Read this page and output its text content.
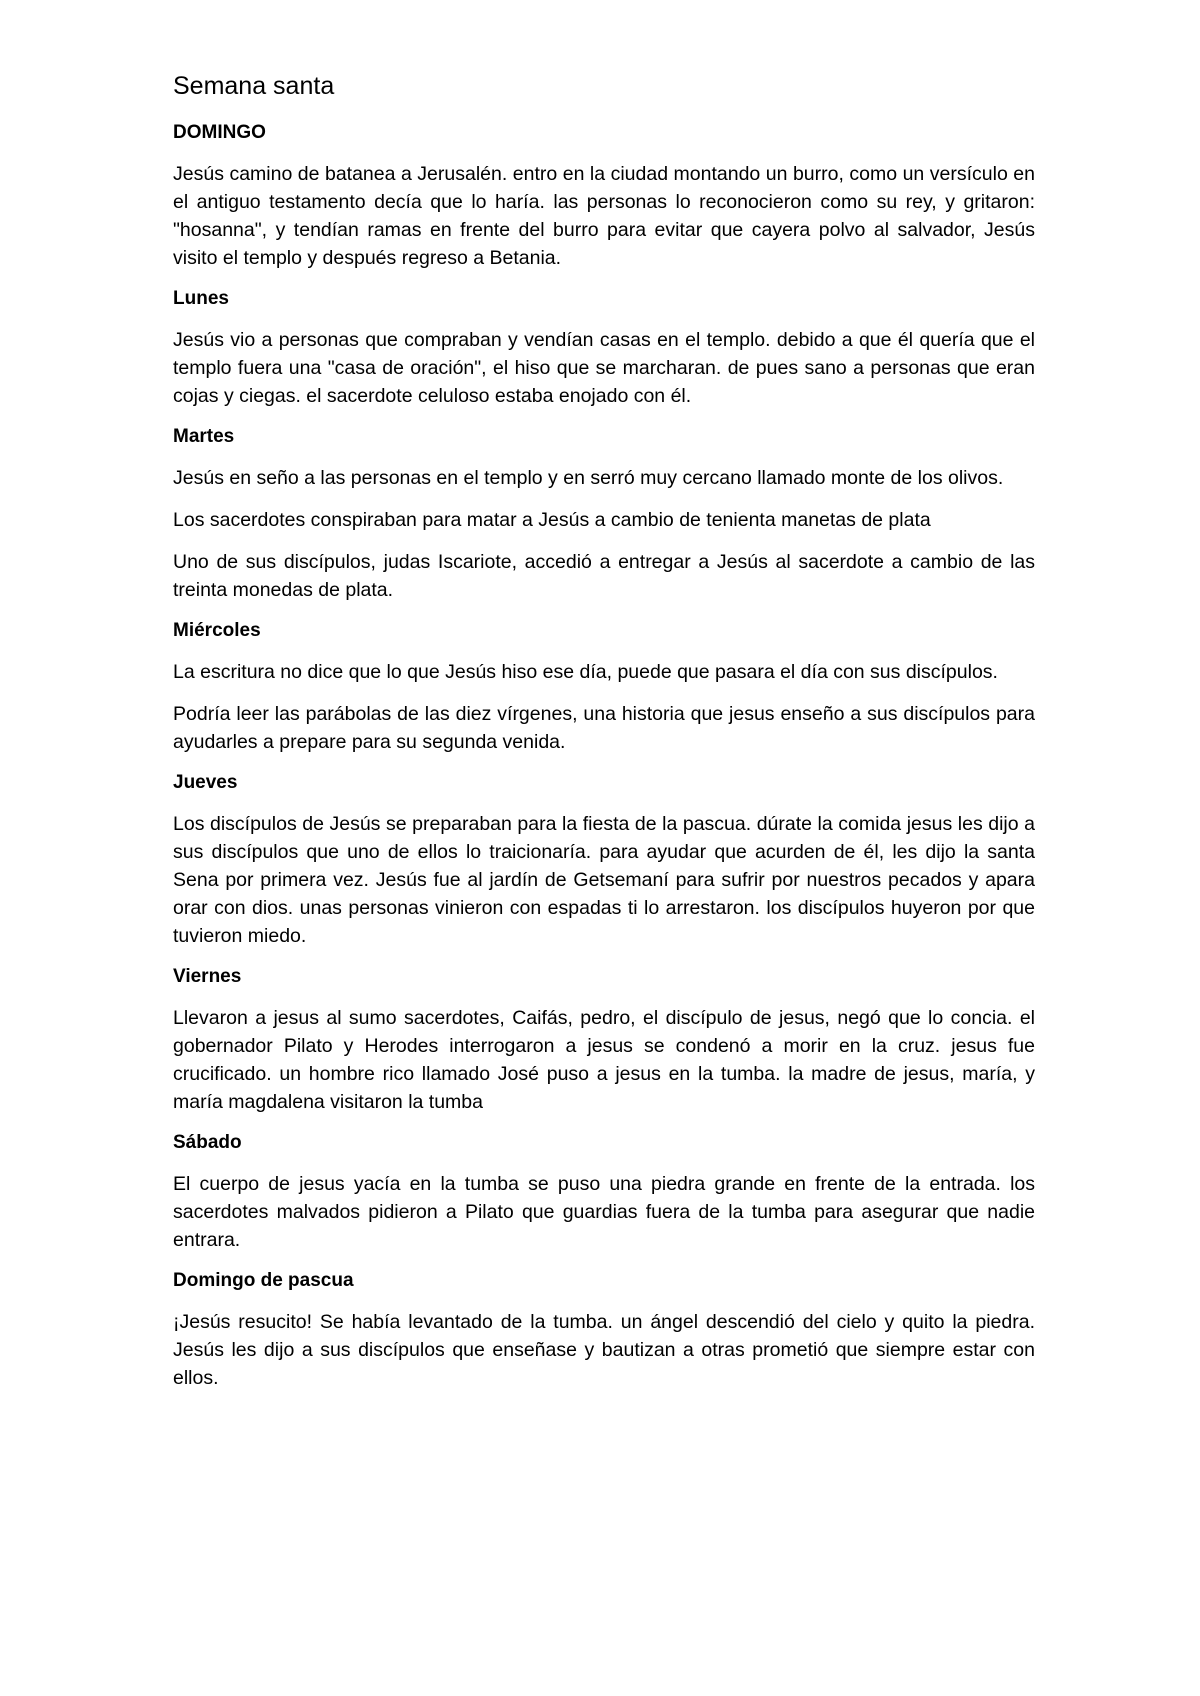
Semana santa
DOMINGO

Jesús camino de batanea a Jerusalén. entro en la ciudad montando un burro, como un versículo en el antiguo testamento decía que lo haría. las personas lo reconocieron como su rey, y gritaron: "hosanna", y tendían ramas en frente del burro para evitar que cayera polvo al salvador, Jesús visito el templo y después regreso a Betania.

Lunes

Jesús vio a personas que compraban y vendían casas en el templo. debido a que él quería que el templo fuera una "casa de oración", el hiso que se marcharan. de pues sano a personas que eran cojas y ciegas. el sacerdote celuloso estaba enojado con él.

Martes

Jesús en seño a las personas en el templo y en serró muy cercano llamado monte de los olivos.

Los sacerdotes conspiraban para matar a Jesús a cambio de tenienta manetas de plata

Uno de sus discípulos, judas Iscariote, accedió a entregar a Jesús al sacerdote a cambio de las treinta monedas de plata.

Miércoles

La escritura no dice que lo que Jesús hiso ese día, puede que pasara el día con sus discípulos.

Podría leer las parábolas de las diez vírgenes, una historia que jesus enseño a sus discípulos para ayudarles a prepare para su segunda venida.

Jueves

Los discípulos de Jesús se preparaban para la fiesta de la pascua. dúrate la comida jesus les dijo a sus discípulos que uno de ellos lo traicionaría. para ayudar que acurden de él, les dijo la santa Sena por primera vez. Jesús fue al jardín de Getsemaní para sufrir por nuestros pecados y apara orar con dios. unas personas vinieron con espadas ti lo arrestaron. los discípulos huyeron por que tuvieron miedo.

Viernes

Llevaron a jesus al sumo sacerdotes, Caifás, pedro, el discípulo de jesus, negó que lo concia. el gobernador Pilato y Herodes interrogaron a jesus se condenó a morir en la cruz. jesus fue crucificado. un hombre rico llamado José puso a jesus en la tumba. la madre de jesus, maría, y maría magdalena visitaron la tumba

Sábado

El cuerpo de jesus yacía en la tumba se puso una piedra grande en frente de la entrada. los sacerdotes malvados pidieron a Pilato que guardias fuera de la tumba para asegurar que nadie entrara.

Domingo de pascua

¡Jesús resucito! Se había levantado de la tumba. un ángel descendió del cielo y quito la piedra. Jesús les dijo a sus discípulos que enseñase y bautizan a otras prometió que siempre estar con ellos.
